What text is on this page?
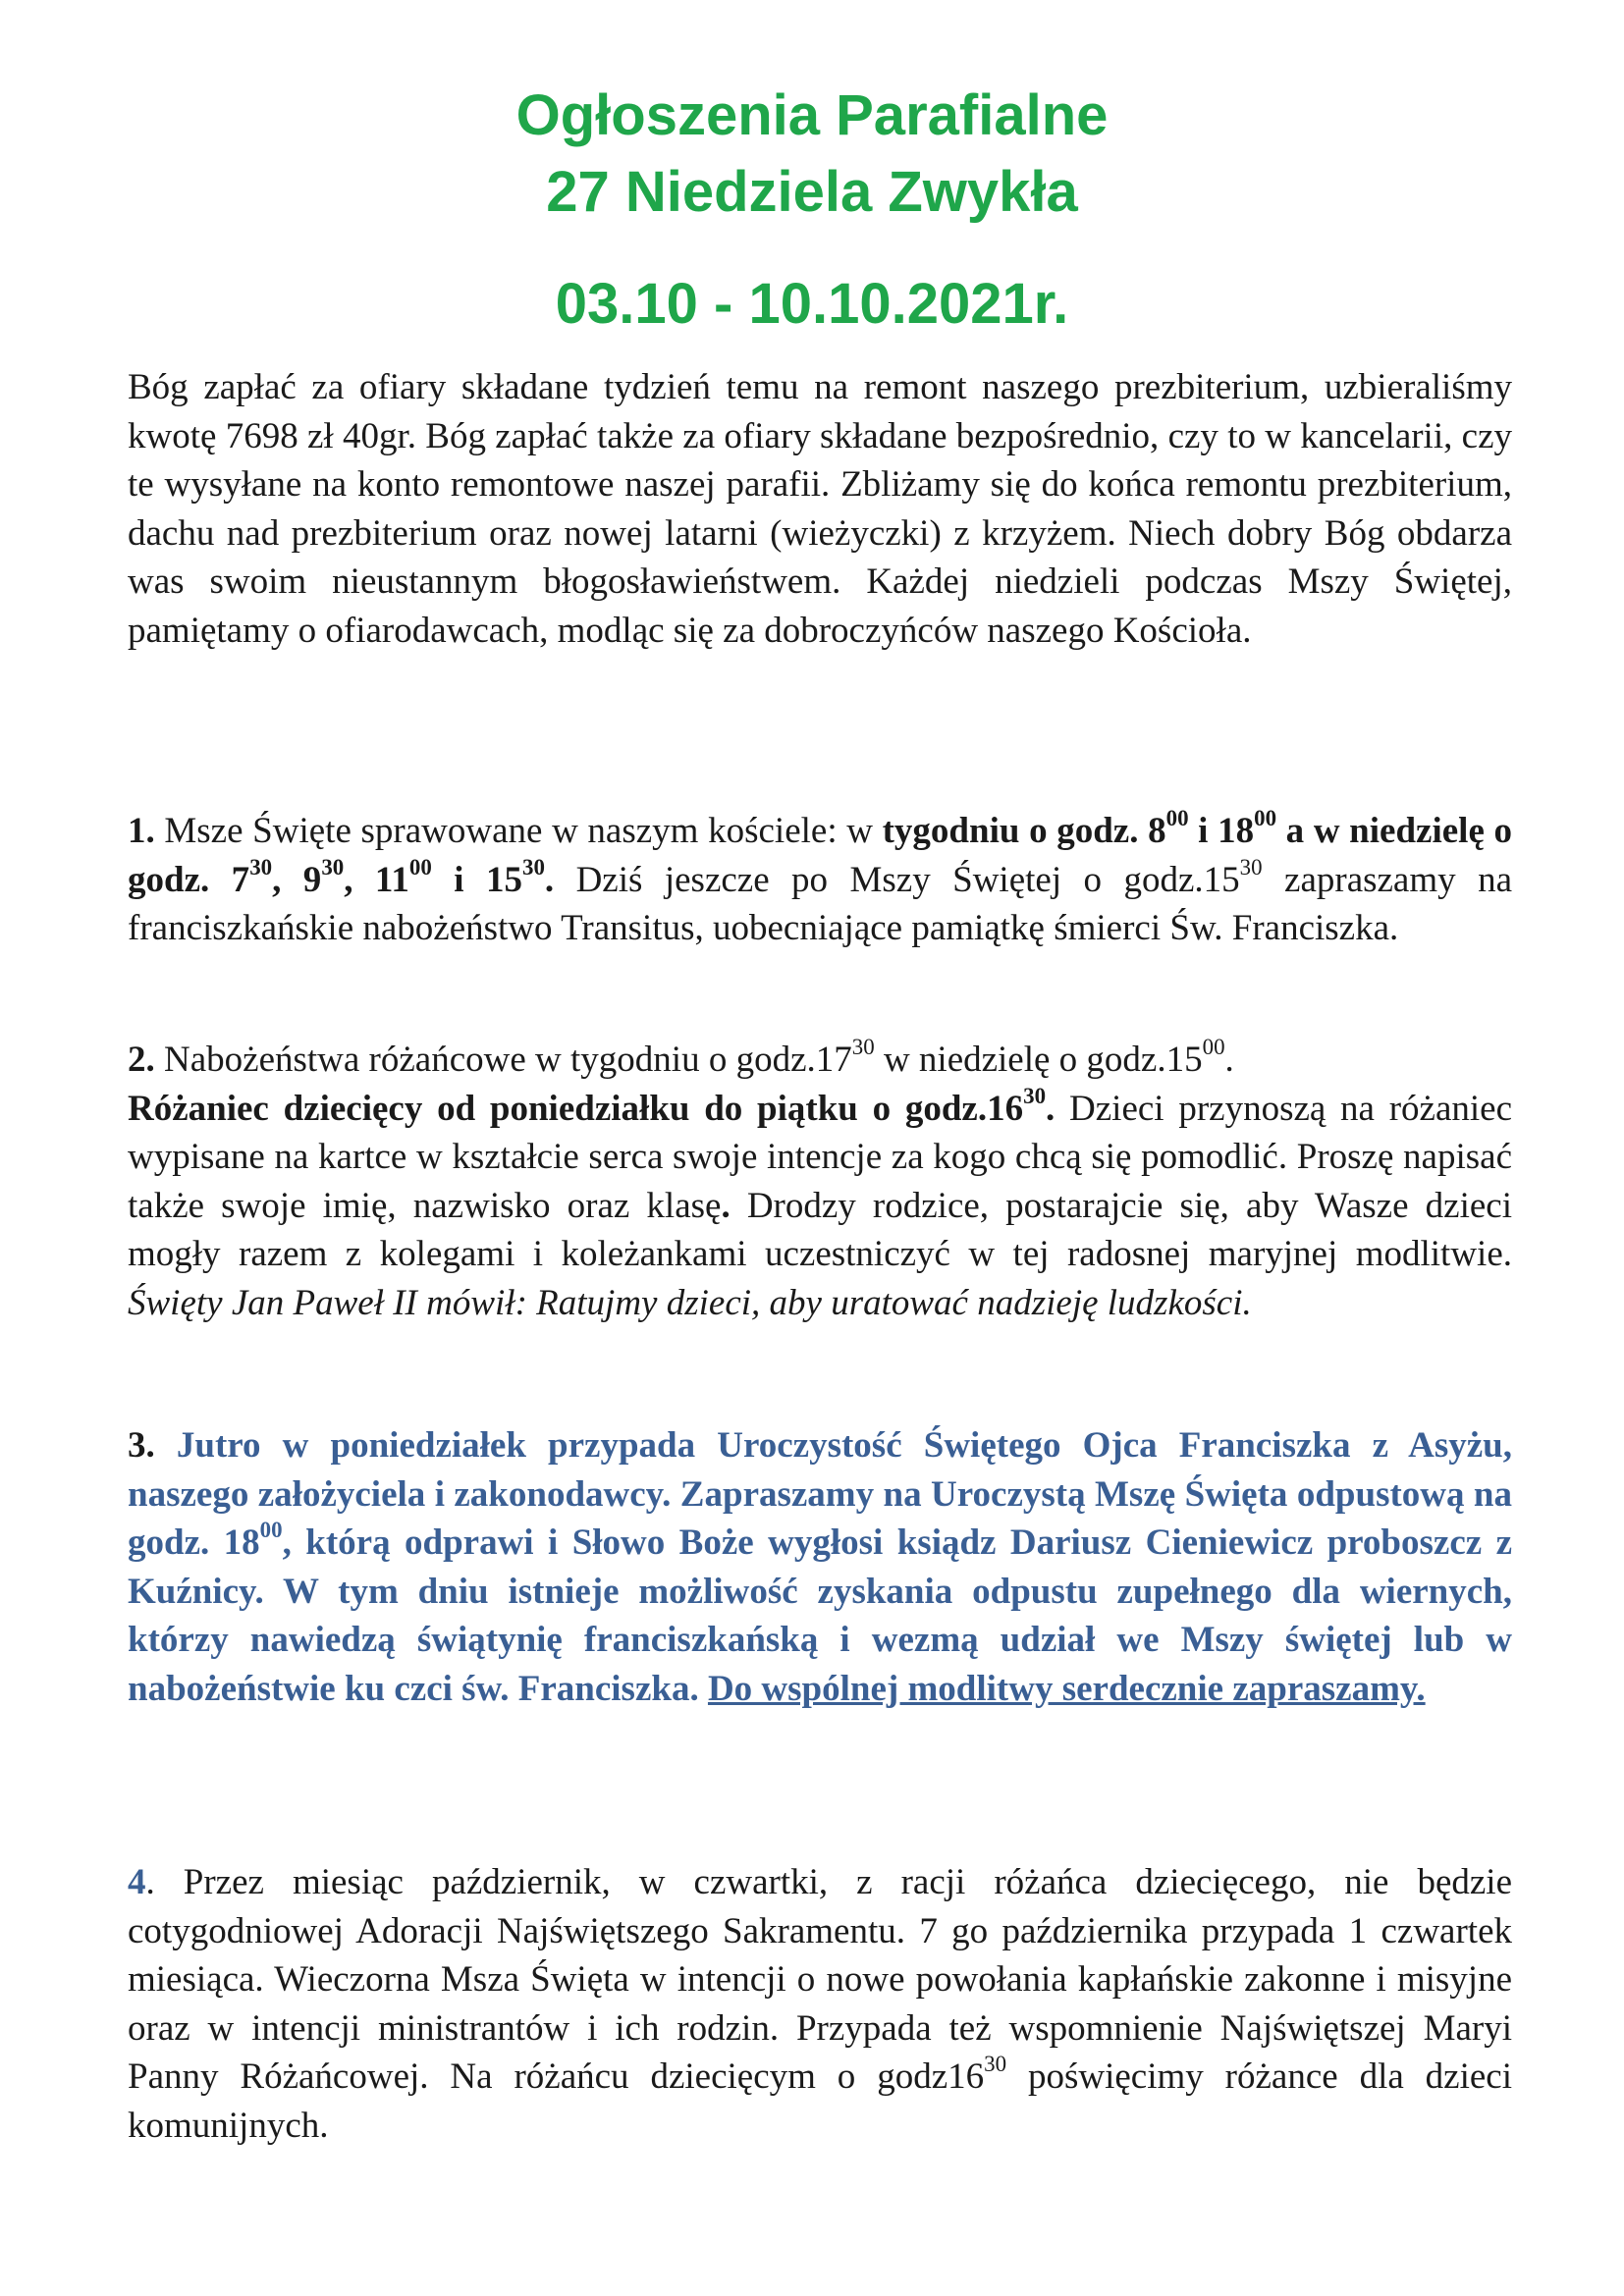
Ogłoszenia Parafialne
27 Niedziela Zwykła
03.10 - 10.10.2021r.

Bóg zapłać za ofiary składane tydzień temu na remont naszego prezbiterium, uzbieraliśmy kwotę 7698 zł 40gr. Bóg zapłać także za ofiary składane bezpośrednio, czy to w kancelarii, czy te wysyłane na konto remontowe naszej parafii. Zbliżamy się do końca remontu prezbiterium, dachu nad prezbiterium oraz nowej latarni (wieżyczki) z krzyżem. Niech dobry Bóg obdarza was swoim nieustannym błogosławieństwem. Każdej niedzieli podczas Mszy Świętej, pamiętamy o ofiarodawcach, modląc się za dobroczyńców naszego Kościoła.

1. Msze Święte sprawowane w naszym kościele: w tygodniu o godz. $8^{00}$ i $18^{00}$ a w niedzielę o godz. $7^{30}$, $9^{30}$, $11^{00}$ i $15^{30}$. Dziś jeszcze po Mszy Świętej o $godz.15^{30}$ zapraszamy na franciszkańskie nabożeństwo Transitus, uobecniające pamiątkę śmierci Św. Franciszka.

2. Nabożeństwa różańcowe w tygodniu o $godz.17^{30}$ w niedzielę o $godz.15^{00}$.
Różaniec dziecięcy od poniedziałku do piątku o $godz.16^{30}$. Dzieci przynoszą na różaniec wypisane na kartce w kształcie serca swoje intencje za kogo chcą się pomodlić. Proszę napisać także swoje imię, nazwisko oraz klasę. Drodzy rodzice, postarajcie się, aby Wasze dzieci mogły razem z kolegami i koleżankami uczestniczyć w tej radosnej maryjnej modlitwie. Święty Jan Paweł II mówił: Ratujmy dzieci, aby uratować nadzieję ludzkości.

3. Jutro w poniedziałek przypada Uroczystość Świętego Ojca Franciszka z Asyżu, naszego założyciela i zakonodawcy. Zapraszamy na Uroczystą Mszę Święta odpustową na godz. $18^{00}$, którą odprawi i Słowo Boże wygłosi ksiądz Dariusz Cieniewicz proboszcz z Kuźnicy. W tym dniu istnieje możliwość zyskania odpustu zupełnego dla wiernych, którzy nawiedzą świątynię franciszkańską i wezmą udział we Mszy świętej lub w nabożeństwie ku czci św. Franciszka. Do wspólnej modlitwy serdecznie zapraszamy.

4. Przez miesiąc październik, w czwartki, z racji różańca dziecięcego, nie będzie cotygodniowej Adoracji Najświętszego Sakramentu. 7 go października przypada 1 czwartek miesiąca. Wieczorna Msza Święta w intencji o nowe powołania kapłańskie zakonne i misyjne oraz w intencji ministrantów i ich rodzin. Przypada też wspomnienie Najświętszej Maryi Panny Różańcowej. Na różańcu dziecięcym o $godz16^{30}$ poświęcimy różance dla dzieci komunijnych.
